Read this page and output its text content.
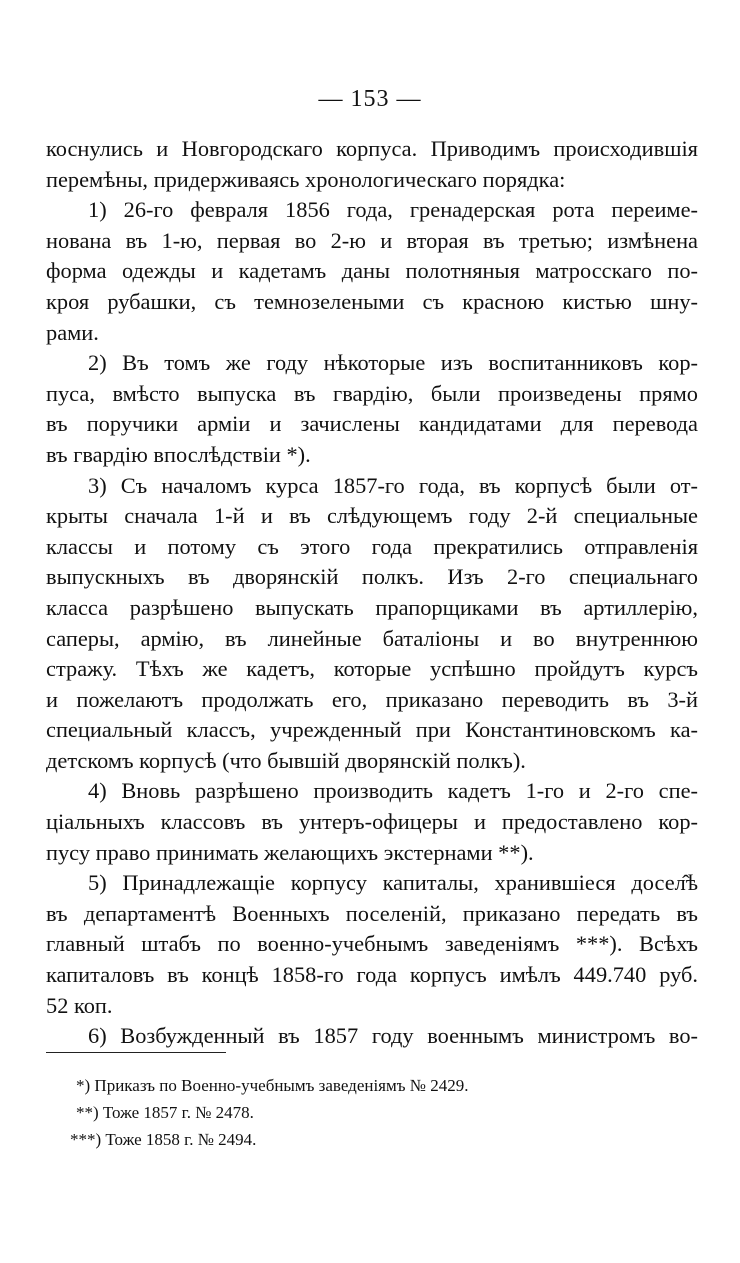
— 153 —
коснулись и Новгородскаго корпуса. Приводимъ происходившія
перемѣны, придерживаясь хронологическаго порядка:
1) 26-го февраля 1856 года, гренадерская рота переиме-
нована въ 1-ю, первая во 2-ю и вторая въ третью; измѣнена
форма одежды и кадетамъ даны полотняныя матросскаго по-
кроя рубашки, съ темнозелеными съ красною кистью шну-
рами.
2) Въ томъ же году нѣкоторые изъ воспитанниковъ кор-
пуса, вмѣсто выпуска въ гвардію, были произведены прямо
въ поручики арміи и зачислены кандидатами для перевода
въ гвардію впослѣдствіи *).
3) Съ началомъ курса 1857-го года, въ корпусѣ были от-
крыты сначала 1-й и въ слѣдующемъ году 2-й специальные
классы и потому съ этого года прекратились отправленія
выпускныхъ въ дворянскій полкъ. Изъ 2-го специальнаго
класса разрѣшено выпускать прапорщиками въ артиллерію,
саперы, армію, въ линейные баталіоны и во внутреннюю
стражу. Тѣхъ же кадетъ, которые успѣшно пройдутъ курсъ
и пожелаютъ продолжать его, приказано переводить въ 3-й
специальный классъ, учрежденный при Константиновскомъ ка-
детскомъ корпусѣ (что бывшій дворянскій полкъ).
4) Вновь разрѣшено производить кадетъ 1-го и 2-го спе-
ціальныхъ классовъ въ унтеръ-офицеры и предоставлено кор-
пусу право принимать желающихъ экстернами **).
5) Принадлежащіе корпусу капиталы, хранившіеся досел̂ѣ
въ департаментѣ Военныхъ поселеній, приказано передать въ
главный штабъ по военно-учебнымъ заведеніямъ ***). Всѣхъ
капиталовъ въ концѣ 1858-го года корпусъ имѣлъ 449.740 руб.
52 коп.
6) Возбужденный въ 1857 году военнымъ министромъ во-
*) Приказъ по Военно-учебнымъ заведеніямъ № 2429.
**) Тоже 1857 г. № 2478.
***) Тоже 1858 г. № 2494.
